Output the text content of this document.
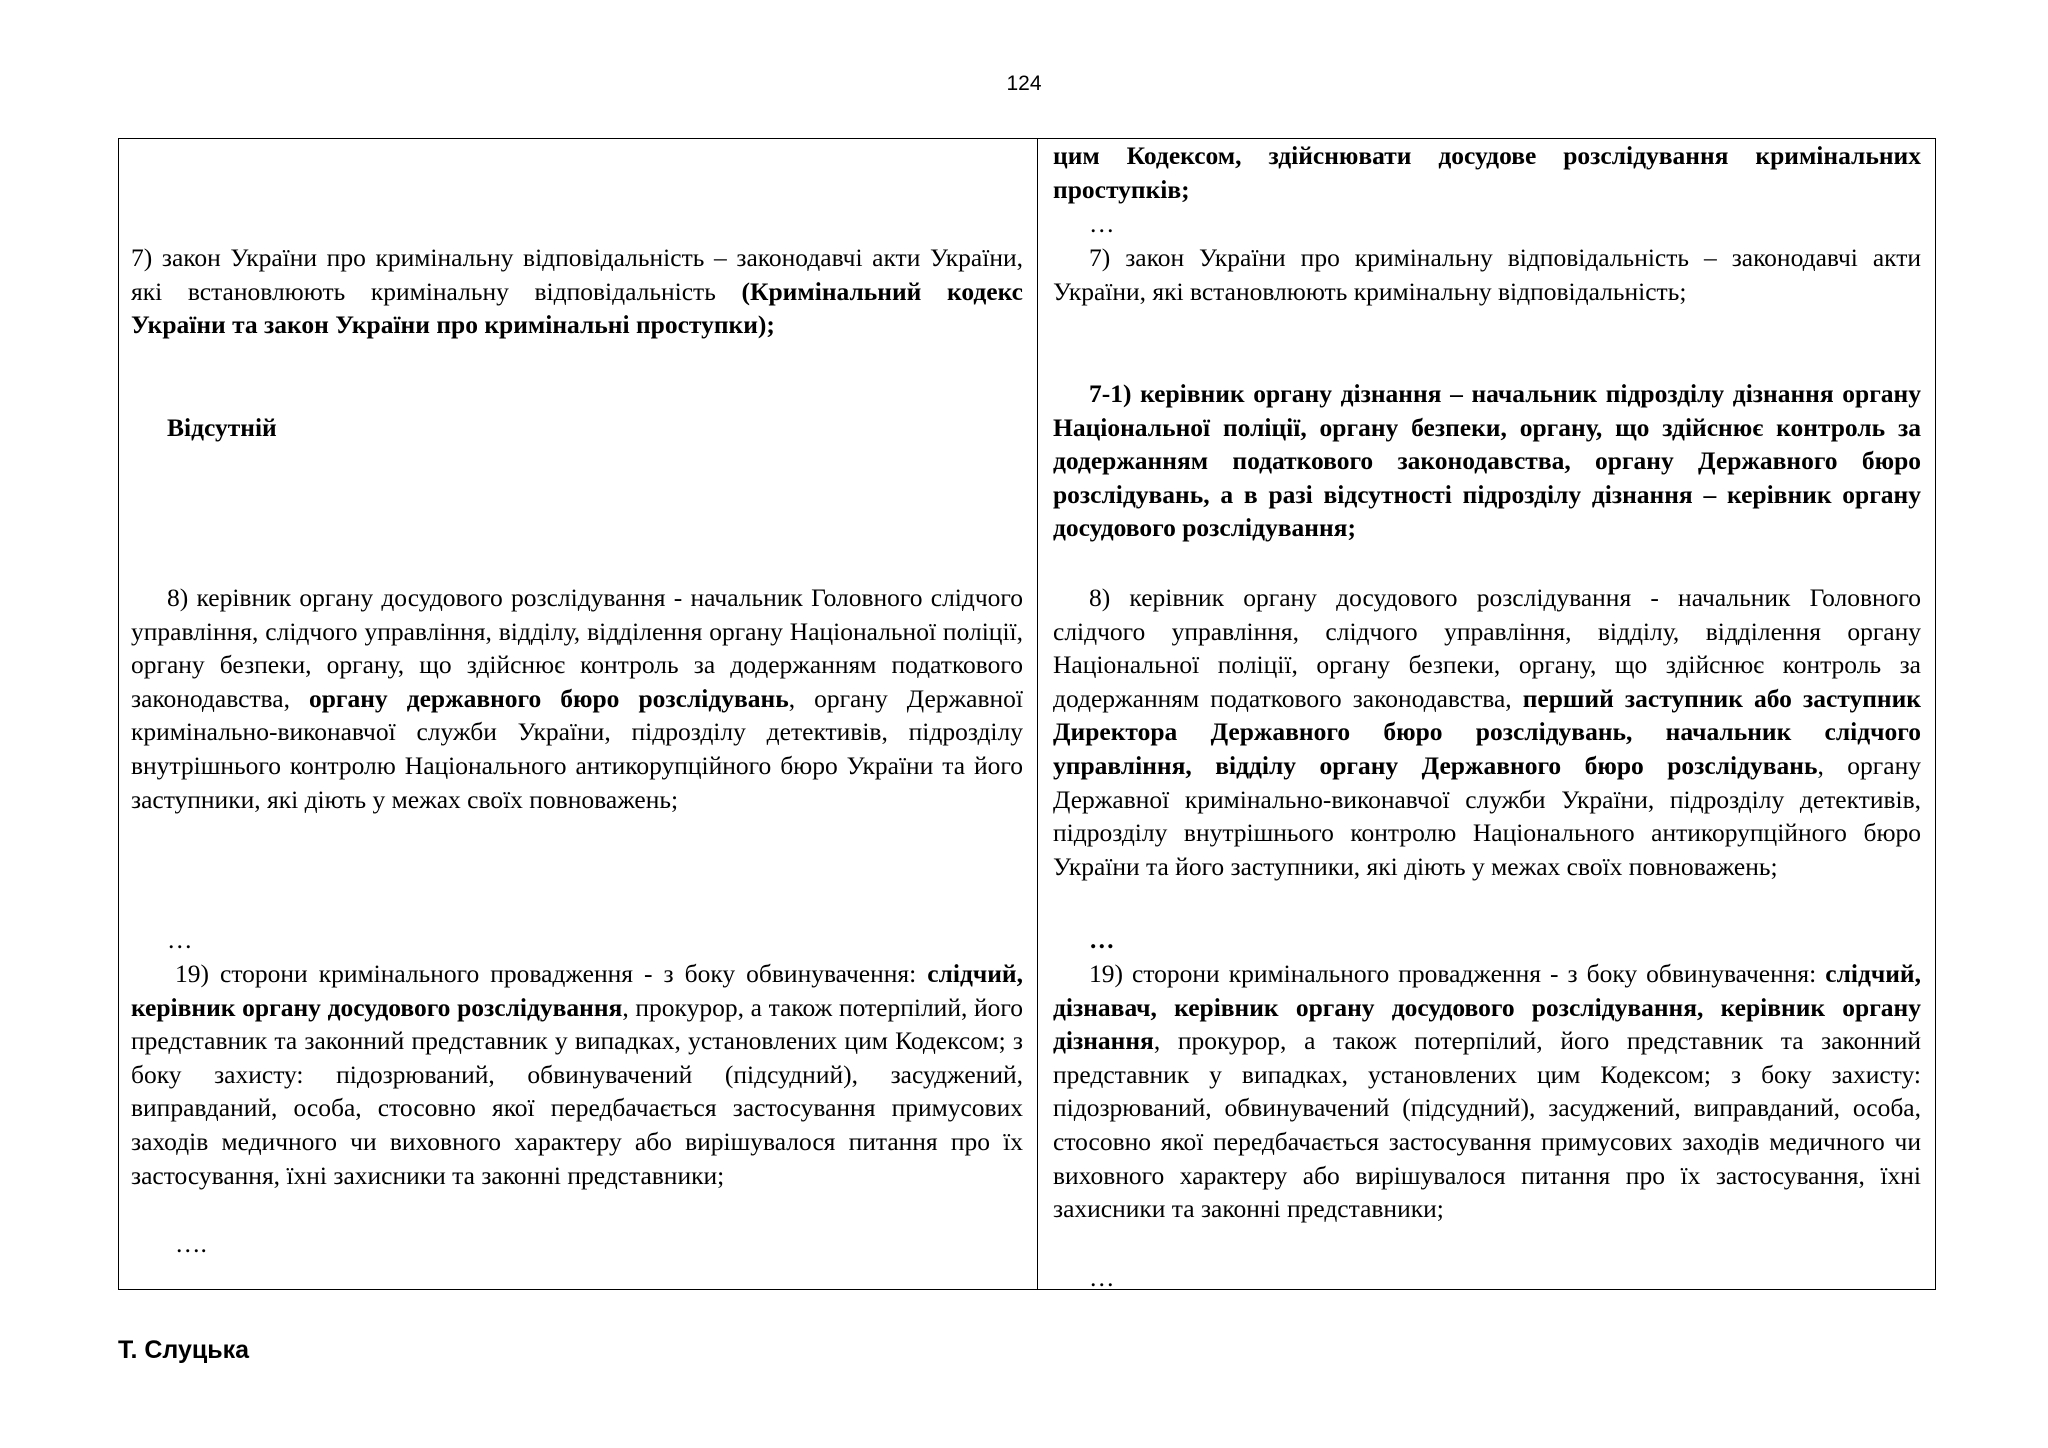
124

7) закон України про кримінальну відповідальність – законодавчі акти України, які встановлюють кримінальну відповідальність (Кримінальний кодекс України та закон України про кримінальні проступки);

Відсутній

8) керівник органу досудового розслідування - начальник Головного слідчого управління, слідчого управління, відділу, відділення органу Національної поліції, органу безпеки, органу, що здійснює контроль за додержанням податкового законодавства, органу державного бюро розслідувань, органу Державної кримінально-виконавчої служби України, підрозділу детективів, підрозділу внутрішнього контролю Національного антикорупційного бюро України та його заступники, які діють у межах своїх повноважень;

…

19) сторони кримінального провадження - з боку обвинувачення: слідчий, керівник органу досудового розслідування, прокурор, а також потерпілий, його представник та законний представник у випадках, установлених цим Кодексом; з боку захисту: підозрюваний, обвинувачений (підсудний), засуджений, виправданий, особа, стосовно якої передбачається застосування примусових заходів медичного чи виховного характеру або вирішувалося питання про їх застосування, їхні захисники та законні представники;

….

цим Кодексом, здійснювати досудове розслідування кримінальних проступків;

…

7) закон України про кримінальну відповідальність – законодавчі акти України, які встановлюють кримінальну відповідальність;

7-1) керівник органу дізнання – начальник підрозділу дізнання органу Національної поліції, органу безпеки, органу, що здійснює контроль за додержанням податкового законодавства, органу Державного бюро розслідувань, а в разі відсутності підрозділу дізнання – керівник органу досудового розслідування;

8) керівник органу досудового розслідування - начальник Головного слідчого управління, слідчого управління, відділу, відділення органу Національної поліції, органу безпеки, органу, що здійснює контроль за додержанням податкового законодавства, перший заступник або заступник Директора Державного бюро розслідувань, начальник слідчого управління, відділу органу Державного бюро розслідувань, органу Державної кримінально-виконавчої служби України, підрозділу детективів, підрозділу внутрішнього контролю Національного антикорупційного бюро України та його заступники, які діють у межах своїх повноважень;

…

19) сторони кримінального провадження - з боку обвинувачення: слідчий, дізнавач, керівник органу досудового розслідування, керівник органу дізнання, прокурор, а також потерпілий, його представник та законний представник у випадках, установлених цим Кодексом; з боку захисту: підозрюваний, обвинувачений (підсудний), засуджений, виправданий, особа, стосовно якої передбачається застосування примусових заходів медичного чи виховного характеру або вирішувалося питання про їх застосування, їхні захисники та законні представники;

…

Т. Слуцька
